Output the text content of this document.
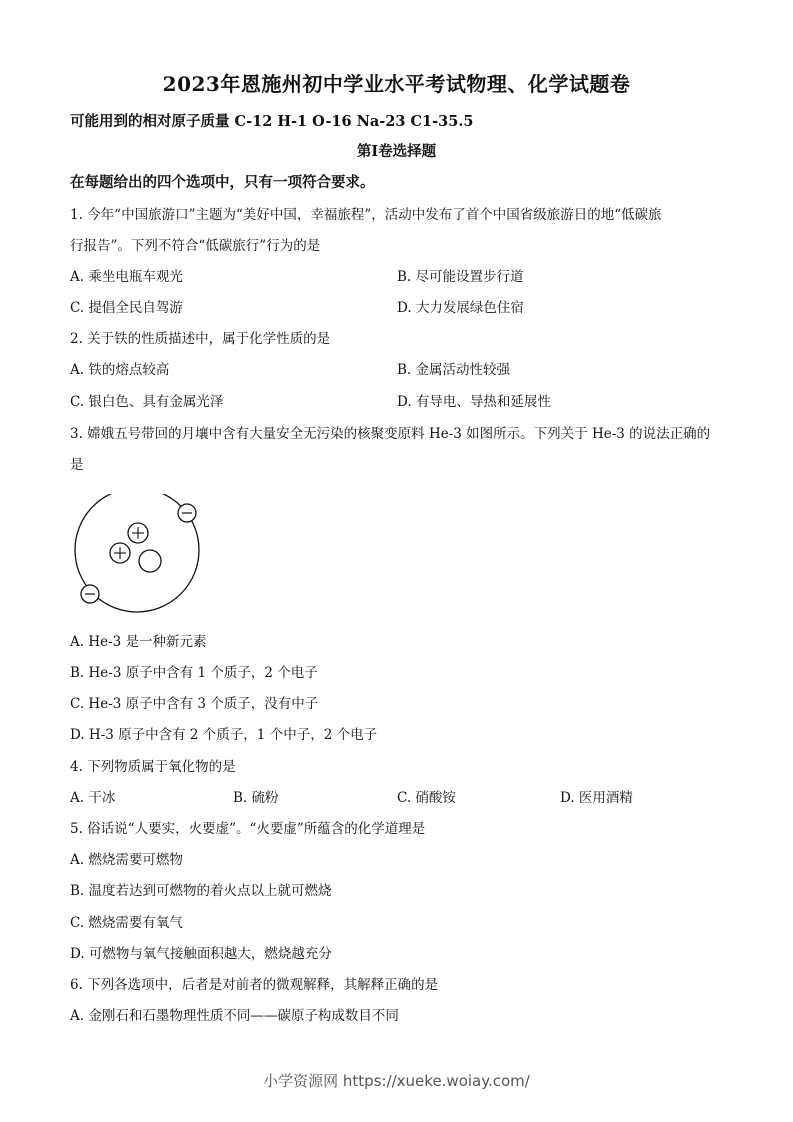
2023年恩施州初中学业水平考试物理、化学试题卷
可能用到的相对原子质量 C-12 H-1 O-16 Na-23 C1-35.5
第I卷选择题
在每题给出的四个选项中，只有一项符合要求。
1. 今年“中国旅游口”主题为“美好中国，幸福旅程”，活动中发布了首个中国省级旅游日的地“低碳旅
行报告”。下列不符合“低碳旅行”行为的是
A. 乘坐电瓶车观光	B. 尽可能设置步行道
C. 提倡全民自驾游	D. 大力发展绿色住宿
2. 关于铁的性质描述中，属于化学性质的是
A. 铁的熔点较高	B. 金属活动性较强
C. 银白色、具有金属光泽	D. 有导电、导热和延展性
3. 嫦娥五号带回的月壤中含有大量安全无污染的核聚变原料 He-3 如图所示。下列关于 He-3 的说法正确的
是
A. He-3 是一种新元素
B. He-3 原子中含有 1 个质子，2 个电子
C. He-3 原子中含有 3 个质子，没有中子
D. H-3 原子中含有 2 个质子，1 个中子，2 个电子
4. 下列物质属于氧化物的是
A. 干冰	B. 硫粉	C. 硝酸铵	D. 医用酒精
5. 俗话说“人要实，火要虚”。“火要虚”所蕴含的化学道理是
A. 燃烧需要可燃物
B. 温度若达到可燃物的着火点以上就可燃烧
C. 燃烧需要有氧气
D. 可燃物与氧气接触面积越大，燃烧越充分
6. 下列各选项中，后者是对前者的微观解释，其解释正确的是
A. 金刚石和石墨物理性质不同——碳原子构成数目不同
小学资源网 https://xueke.woiay.com/
